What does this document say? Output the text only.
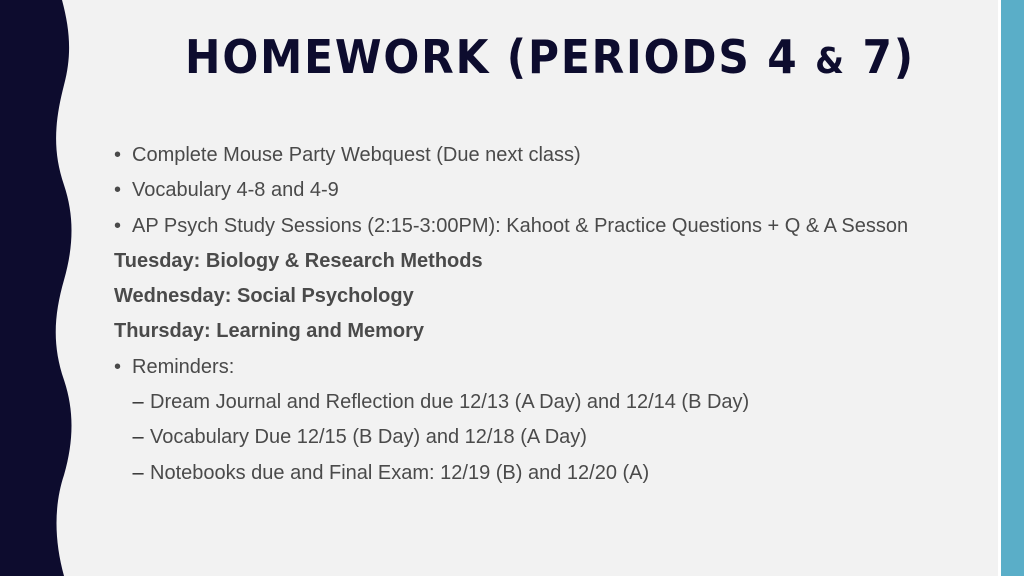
HOMEWORK (PERIODS 4 & 7)
• Complete Mouse Party Webquest (Due next class)
• Vocabulary 4-8 and 4-9
• AP Psych Study Sessions (2:15-3:00PM): Kahoot & Practice Questions + Q & A Sesson
Tuesday: Biology & Research Methods
Wednesday: Social Psychology
Thursday: Learning and Memory
• Reminders:
– Dream Journal and Reflection due 12/13 (A Day) and 12/14 (B Day)
– Vocabulary Due 12/15 (B Day) and 12/18 (A Day)
– Notebooks due and Final Exam: 12/19 (B) and 12/20 (A)
